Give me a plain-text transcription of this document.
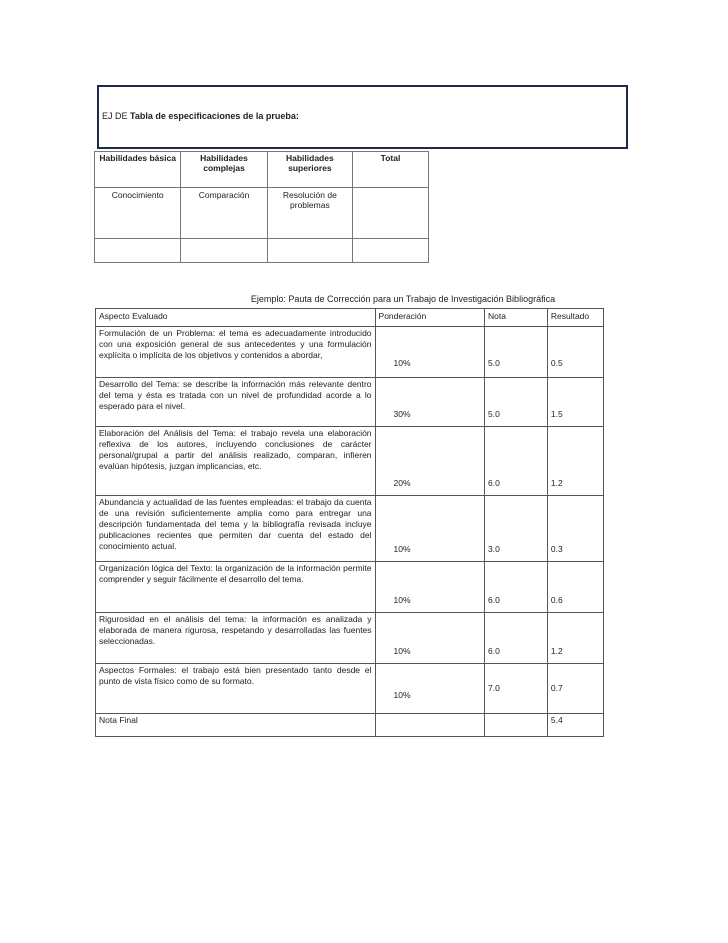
EJ DE Tabla de especificaciones de la prueba:
Habilidades básica	Habilidades complejas	Habilidades superiores	Total
Conocimiento	Comparación	Resolución de problemas	

Ejemplo: Pauta de Corrección para un Trabajo de Investigación Bibliográfica
Aspecto Evaluado	Ponderación	Nota	Resultado
Formulación de un Problema: el tema es adecuadamente introducido con una exposición general de sus antecedentes y una formulación explícita o implícita de los objetivos y contenidos a abordar,	10%	5.0	0.5
Desarrollo del Tema: se describe la información más relevante dentro del tema y ésta es tratada con un nivel de profundidad acorde a lo esperado para el nivel.	30%	5.0	1.5
Elaboración del Análisis del Tema: el trabajo revela una elaboración reflexiva de los autores, incluyendo conclusiones de carácter personal/grupal a partir del análisis realizado, comparan, infieren evalúan hipótesis, juzgan implicancias, etc.	20%	6.0	1.2
Abundancia y actualidad de las fuentes empleadas: el trabajo da cuenta de una revisión suficientemente amplia como para entregar una descripción fundamentada del tema y la bibliografía revisada incluye publicaciones recientes que permiten dar cuenta del estado del conocimiento actual.	10%	3.0	0.3
Organización lógica del Texto: la organización de la información permite comprender y seguir fácilmente el desarrollo del tema.	10%	6.0	0.6
Rigurosidad en el análisis del tema: la información es analizada y elaborada de manera rigurosa, respetando y desarrolladas las fuentes seleccionadas.	10%	6.0	1.2
Aspectos Formales: el trabajo está bien presentado tanto desde el punto de vista físico como de su formato.	10%	7.0	0.7
Nota Final			5.4
